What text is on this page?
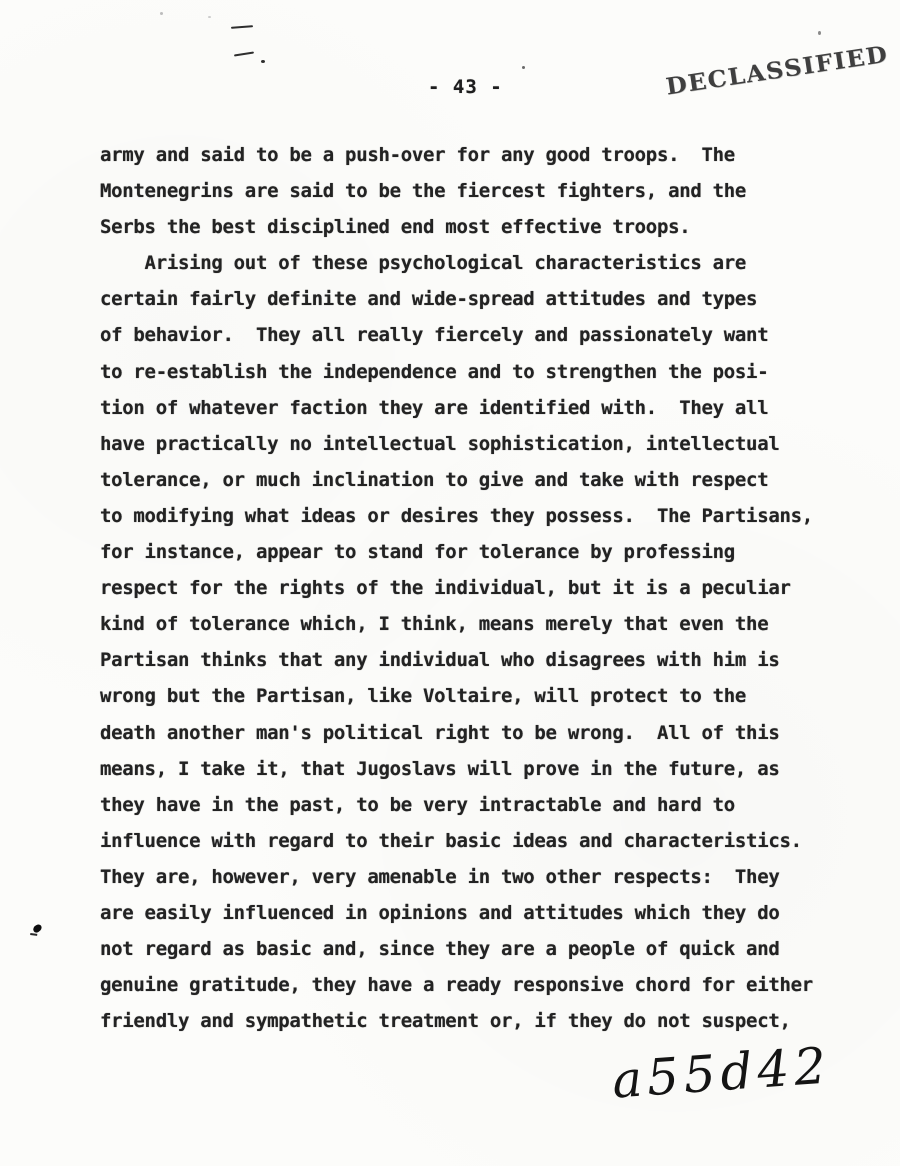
- 43 -	DECLASSIFIED
army and said to be a push-over for any good troops.  The
Montenegrins are said to be the fiercest fighters, and the
Serbs the best disciplined end most effective troops.
Arising out of these psychological characteristics are
certain fairly definite and wide-spread attitudes and types
of behavior.  They all really fiercely and passionately want
to re-establish the independence and to strengthen the posi-
tion of whatever faction they are identified with.  They all
have practically no intellectual sophistication, intellectual
tolerance, or much inclination to give and take with respect
to modifying what ideas or desires they possess.  The Partisans,
for instance, appear to stand for tolerance by professing
respect for the rights of the individual, but it is a peculiar
kind of tolerance which, I think, means merely that even the
Partisan thinks that any individual who disagrees with him is
wrong but the Partisan, like Voltaire, will protect to the
death another man's political right to be wrong.  All of this
means, I take it, that Jugoslavs will prove in the future, as
they have in the past, to be very intractable and hard to
influence with regard to their basic ideas and characteristics.
They are, however, very amenable in two other respects:  They
are easily influenced in opinions and attitudes which they do
not regard as basic and, since they are a people of quick and
genuine gratitude, they have a ready responsive chord for either
friendly and sympathetic treatment or, if they do not suspect,
a55d42
